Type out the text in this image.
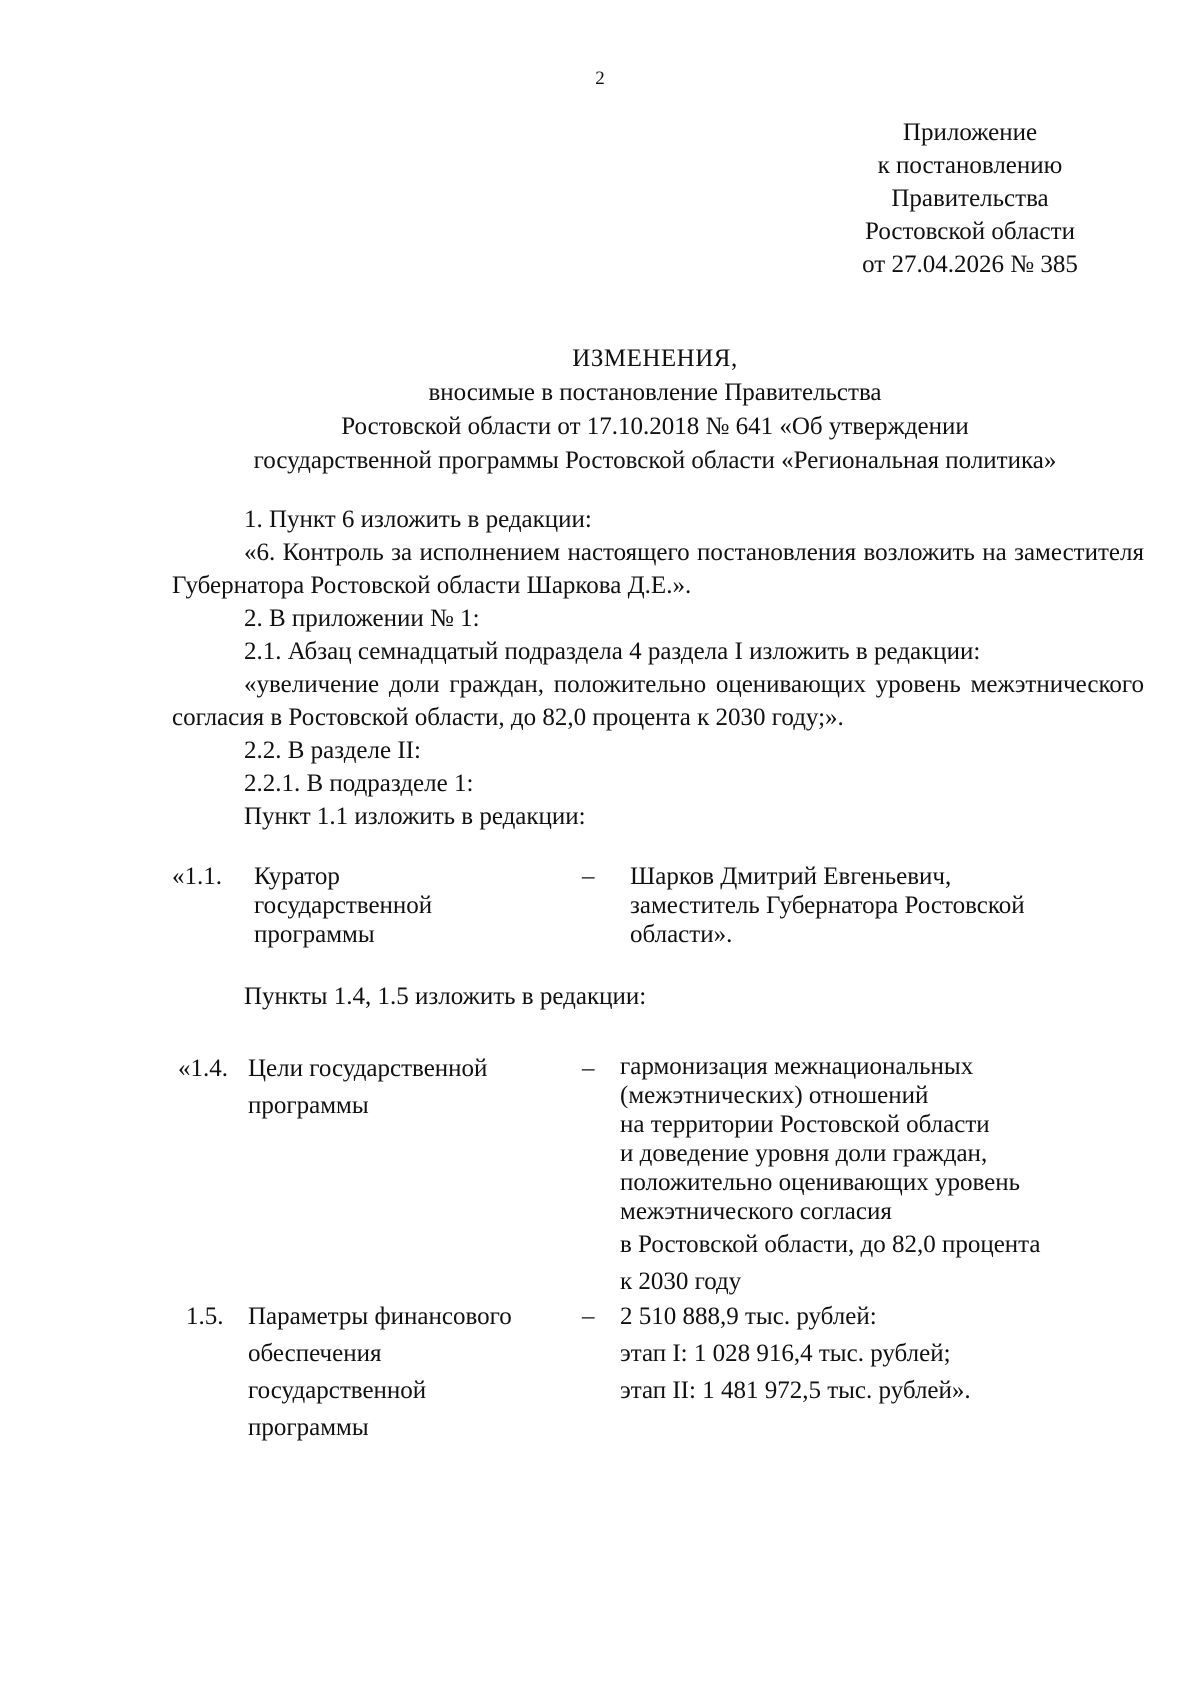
2
Приложение
к постановлению
Правительства
Ростовской области
от 27.04.2026 № 385
ИЗМЕНЕНИЯ,
вносимые в постановление Правительства
Ростовской области от 17.10.2018 № 641 «Об утверждении
государственной программы Ростовской области «Региональная политика»
1. Пункт 6 изложить в редакции:
«6. Контроль за исполнением настоящего постановления возложить на заместителя Губернатора Ростовской области Шаркова Д.Е.».
2. В приложении № 1:
2.1. Абзац семнадцатый подраздела 4 раздела I изложить в редакции:
«увеличение доли граждан, положительно оценивающих уровень межэтнического согласия в Ростовской области, до 82,0 процента к 2030 году;».
2.2. В разделе II:
2.2.1. В подразделе 1:
Пункт 1.1 изложить в редакции:
«1.1. Куратор
государственной
программы
– Шарков Дмитрий Евгеньевич,
заместитель Губернатора Ростовской
области».
Пункты 1.4, 1.5 изложить в редакции:
«1.4. Цели государственной
программы
– гармонизация межнациональных
(межэтнических) отношений
на территории Ростовской области
и доведение уровня доли граждан,
положительно оценивающих уровень
межэтнического согласия
в Ростовской области, до 82,0 процента
к 2030 году
1.5. Параметры финансового
обеспечения
государственной
программы
– 2 510 888,9 тыс. рублей:
этап I: 1 028 916,4 тыс. рублей;
этап II: 1 481 972,5 тыс. рублей».
